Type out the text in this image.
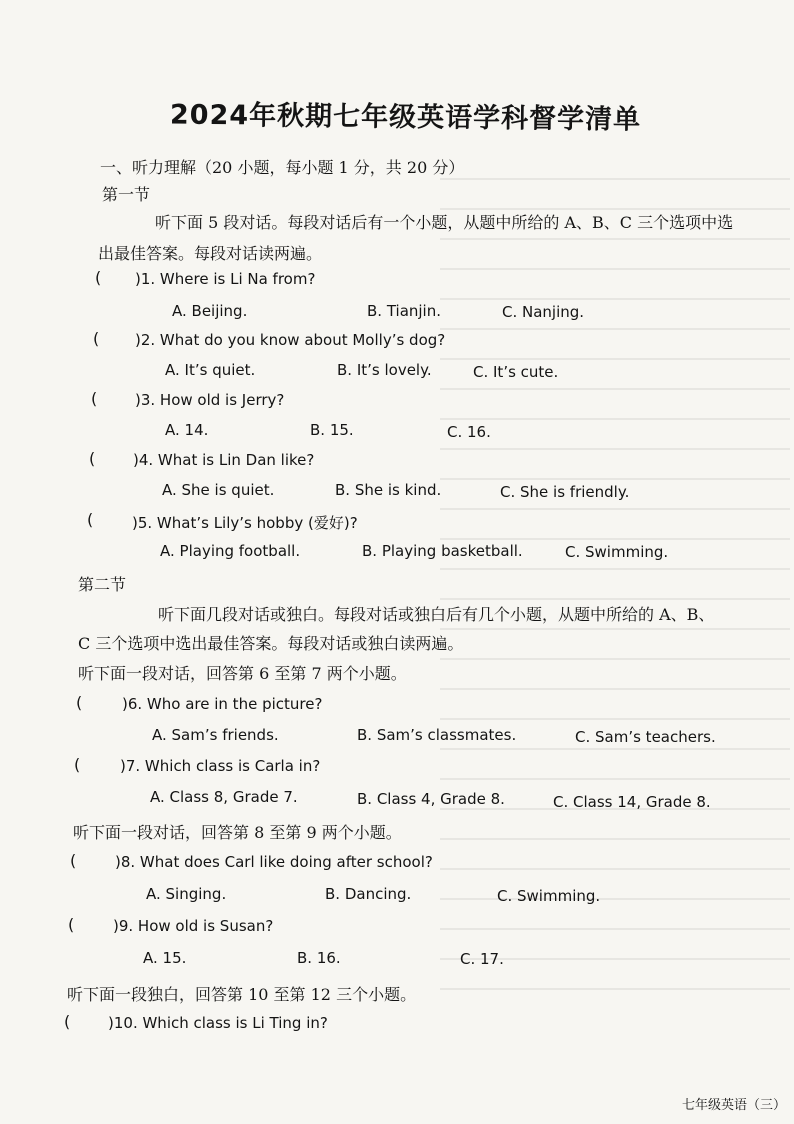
2024年秋期七年级英语学科督学清单
一、听力理解（20 小题，每小题 1 分，共 20 分）
第一节
听下面 5 段对话。每段对话后有一个小题，从题中所给的 A、B、C 三个选项中选
出最佳答案。每段对话读两遍。
( )1. Where is Li Na from?
A. Beijing.	B. Tianjin.	C. Nanjing.
( )2. What do you know about Molly’s dog?
A. It’s quiet.	B. It’s lovely.	C. It’s cute.
(	)3. How old is Jerry?
A. 14.	B. 15.	C. 16.
(	)4. What is Lin Dan like?
A. She is quiet.	B. She is kind.	C. She is friendly.
(	)5. What’s Lily’s hobby (爱好)?
A. Playing football.	B. Playing basketball.	C. Swimming.
第二节
听下面几段对话或独白。每段对话或独白后有几个小题，从题中所给的 A、B、
C 三个选项中选出最佳答案。每段对话或独白读两遍。
听下面一段对话，回答第 6 至第 7 两个小题。
(	)6. Who are in the picture?
A. Sam’s friends.	B. Sam’s classmates.	C. Sam’s teachers.
(	)7. Which class is Carla in?
A. Class 8, Grade 7.	B. Class 4, Grade 8.	C. Class 14, Grade 8.
听下面一段对话，回答第 8 至第 9 两个小题。
(	)8. What does Carl like doing after school?
A. Singing.	B. Dancing.	C. Swimming.
(	)9. How old is Susan?
A. 15.	B. 16.	C. 17.
听下面一段独白，回答第 10 至第 12 三个小题。
(	)10. Which class is Li Ting in?
七年级英语（三）
